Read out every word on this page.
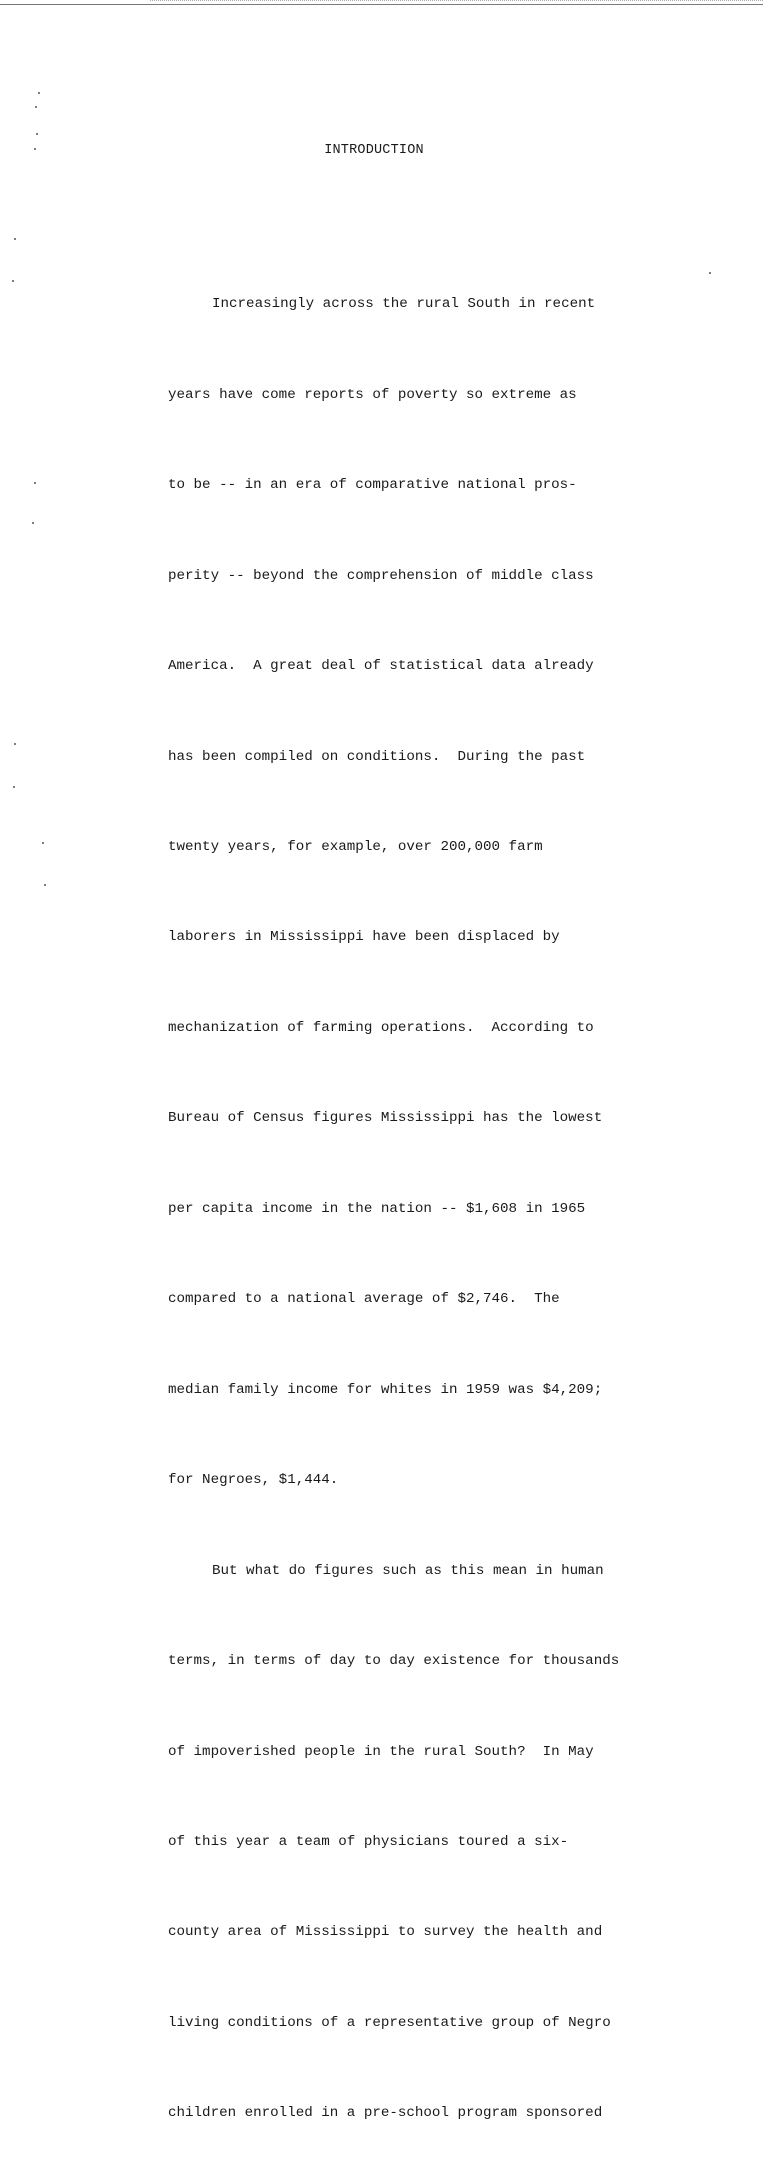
INTRODUCTION

Increasingly across the rural South in recent

years have come reports of poverty so extreme as

to be -- in an era of comparative national pros-

perity -- beyond the comprehension of middle class

America.  A great deal of statistical data already

has been compiled on conditions.  During the past

twenty years, for example, over 200,000 farm

laborers in Mississippi have been displaced by

mechanization of farming operations.  According to

Bureau of Census figures Mississippi has the lowest

per capita income in the nation -- $1,608 in 1965

compared to a national average of $2,746.  The

median family income for whites in 1959 was $4,209;

for Negroes, $1,444.

But what do figures such as this mean in human

terms, in terms of day to day existence for thousands

of impoverished people in the rural South?  In May

of this year a team of physicians toured a six-

county area of Mississippi to survey the health and

living conditions of a representative group of Negro

children enrolled in a pre-school program sponsored
